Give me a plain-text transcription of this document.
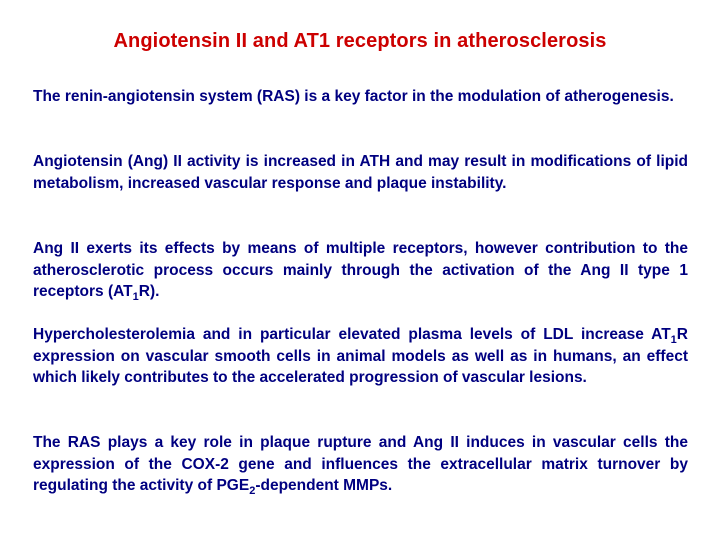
Angiotensin II and AT1 receptors in atherosclerosis

The renin-angiotensin system (RAS) is a key factor in the modulation of atherogenesis.

Angiotensin (Ang) II activity is increased in ATH and may result in modifications of lipid metabolism, increased vascular response and plaque instability.

Ang II exerts its effects by means of multiple receptors, however contribution to the atherosclerotic process occurs mainly through the activation of the Ang II type 1 receptors $(AT_1R)$.

Hypercholesterolemia and in particular elevated plasma levels of LDL increase $AT_1R$ expression on vascular smooth cells in animal models as well as in humans, an effect which likely contributes to the accelerated progression of vascular lesions.

The RAS plays a key role in plaque rupture and Ang II induces in vascular cells the expression of the COX-2 gene and influences the extracellular matrix turnover by regulating the activity of $PGE_2$-dependent MMPs.
